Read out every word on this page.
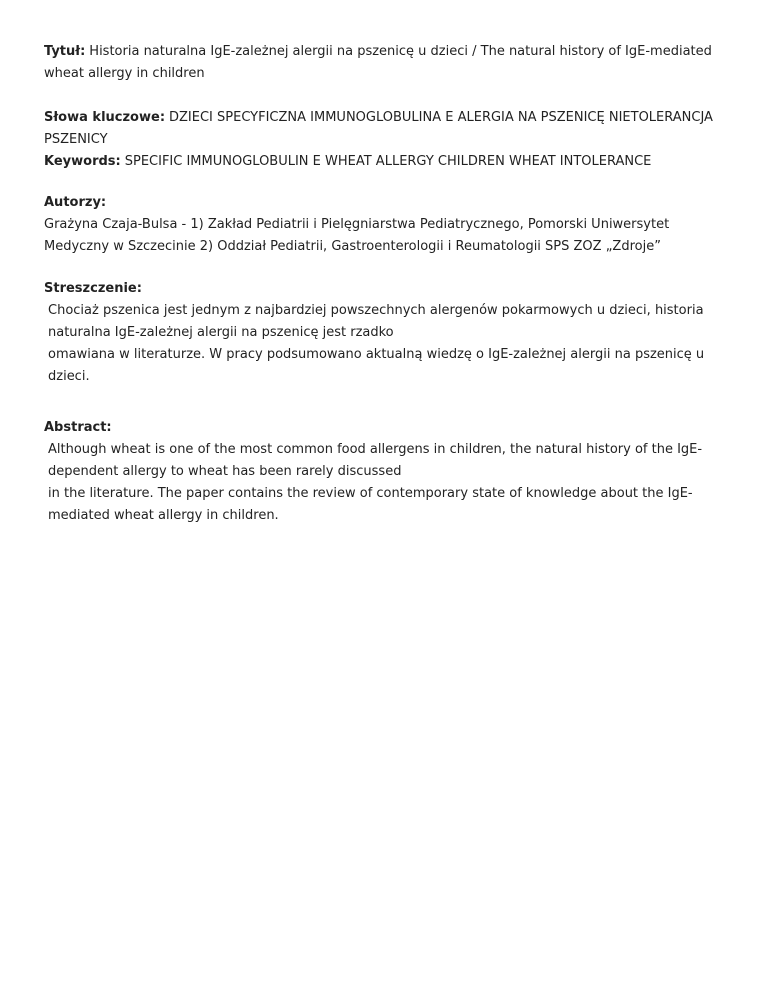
Tytuł: Historia naturalna IgE-zależnej alergii na pszenicę u dzieci / The natural history of IgE-mediated wheat allergy in children
Słowa kluczowe: DZIECI SPECYFICZNA IMMUNOGLOBULINA E ALERGIA NA PSZENICĘ NIETOLERANCJA PSZENICY
Keywords: SPECIFIC IMMUNOGLOBULIN E WHEAT ALLERGY CHILDREN WHEAT INTOLERANCE
Autorzy:
Grażyna Czaja-Bulsa - 1) Zakład Pediatrii i Pielęgniarstwa Pediatrycznego, Pomorski Uniwersytet Medyczny w Szczecinie 2) Oddział Pediatrii, Gastroenterologii i Reumatologii SPS ZOZ „Zdroje”
Streszczenie:
Chociaż pszenica jest jednym z najbardziej powszechnych alergenów pokarmowych u dzieci, historia naturalna IgE-zależnej alergii na pszenicę jest rzadko
omawiana w literaturze. W pracy podsumowano aktualną wiedzę o IgE-zależnej alergii na pszenicę u dzieci.
Abstract:
Although wheat is one of the most common food allergens in children, the natural history of the IgE-dependent allergy to wheat has been rarely discussed
in the literature. The paper contains the review of contemporary state of knowledge about the IgE-mediated wheat allergy in children.
